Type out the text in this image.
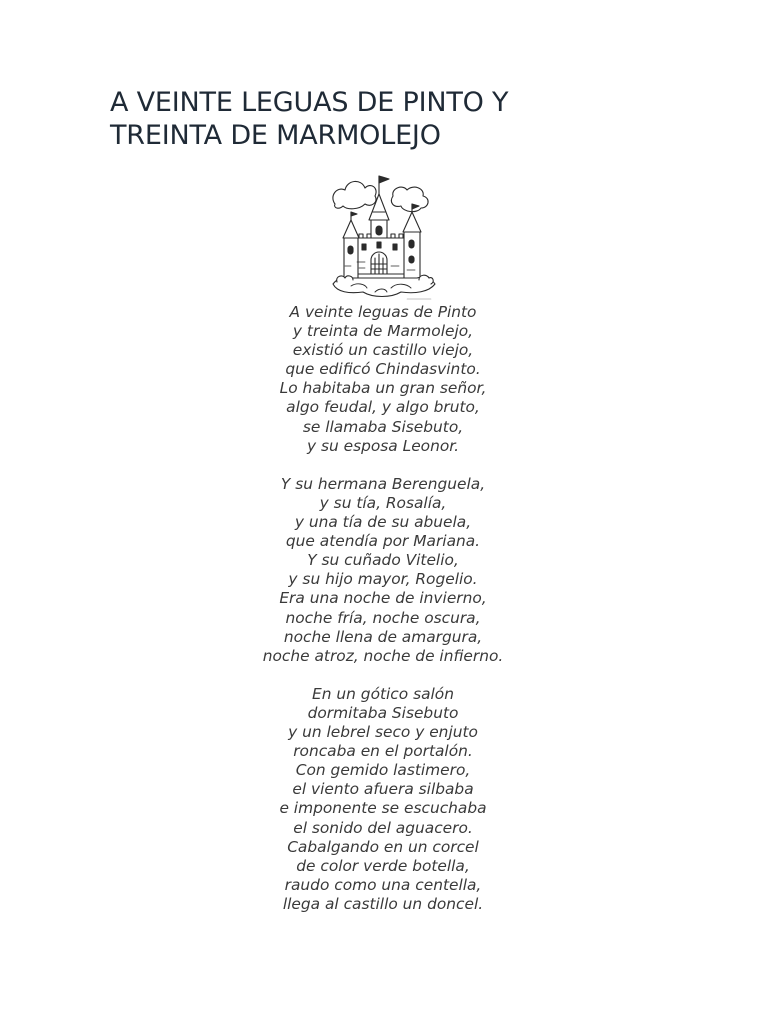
A VEINTE LEGUAS DE PINTO Y
TREINTA DE MARMOLEJO
A veinte leguas de Pinto
y treinta de Marmolejo,
existió un castillo viejo,
que edificó Chindasvinto.
Lo habitaba un gran señor,
algo feudal, y algo bruto,
se llamaba Sisebuto,
y su esposa Leonor.
Y su hermana Berenguela,
y su tía, Rosalía,
y una tía de su abuela,
que atendía por Mariana.
Y su cuñado Vitelio,
y su hijo mayor, Rogelio.
Era una noche de invierno,
noche fría, noche oscura,
noche llena de amargura,
noche atroz, noche de infierno.
En un gótico salón
dormitaba Sisebuto
y un lebrel seco y enjuto
roncaba en el portalón.
Con gemido lastimero,
el viento afuera silbaba
e imponente se escuchaba
el sonido del aguacero.
Cabalgando en un corcel
de color verde botella,
raudo como una centella,
llega al castillo un doncel.
